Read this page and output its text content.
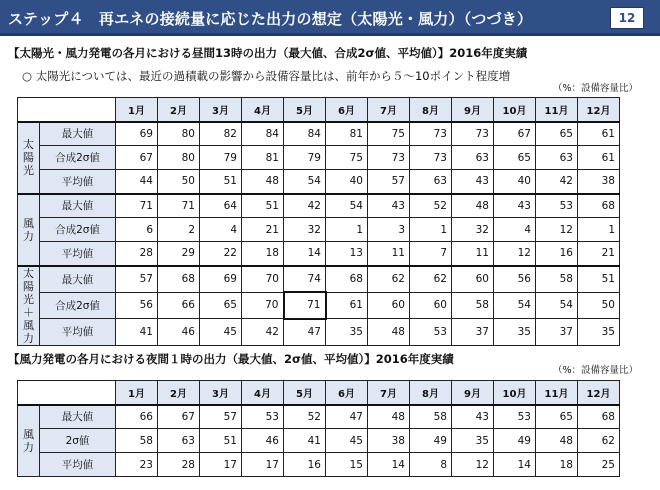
ステップ４　再エネの接続量に応じた出力の想定（太陽光・風力）（つづき）	12
【太陽光・風力発電の各月における昼間13時の出力（最大値、合成2σ値、平均値）】2016年度実績
○ 太陽光については、最近の過積載の影響から設備容量比は、前年から５～10ポイント程度増
（%：設備容量比）
		1月	2月	3月	4月	5月	6月	7月	8月	9月	10月	11月	12月
太陽光	最大値	69	80	82	84	84	81	75	73	73	67	65	61
	合成2σ値	67	80	79	81	79	75	73	73	63	65	63	61
	平均値	44	50	51	48	54	40	57	63	43	40	42	38
風力	最大値	71	71	64	51	42	54	43	52	48	43	53	68
	合成2σ値	6	2	4	21	32	1	3	1	32	4	12	1
	平均値	28	29	22	18	14	13	11	7	11	12	16	21
太陽光＋風力	最大値	57	68	69	70	74	68	62	62	60	56	58	51
	合成2σ値	56	66	65	70	71	61	60	60	58	54	54	50
	平均値	41	46	45	42	47	35	48	53	37	35	37	35
【風力発電の各月における夜間１時の出力（最大値、2σ値、平均値）】2016年度実績
（%：設備容量比）
		1月	2月	3月	4月	5月	6月	7月	8月	9月	10月	11月	12月
風力	最大値	66	67	57	53	52	47	48	58	43	53	65	68
	2σ値	58	63	51	46	41	45	38	49	35	49	48	62
	平均値	23	28	17	17	16	15	14	8	12	14	18	25
